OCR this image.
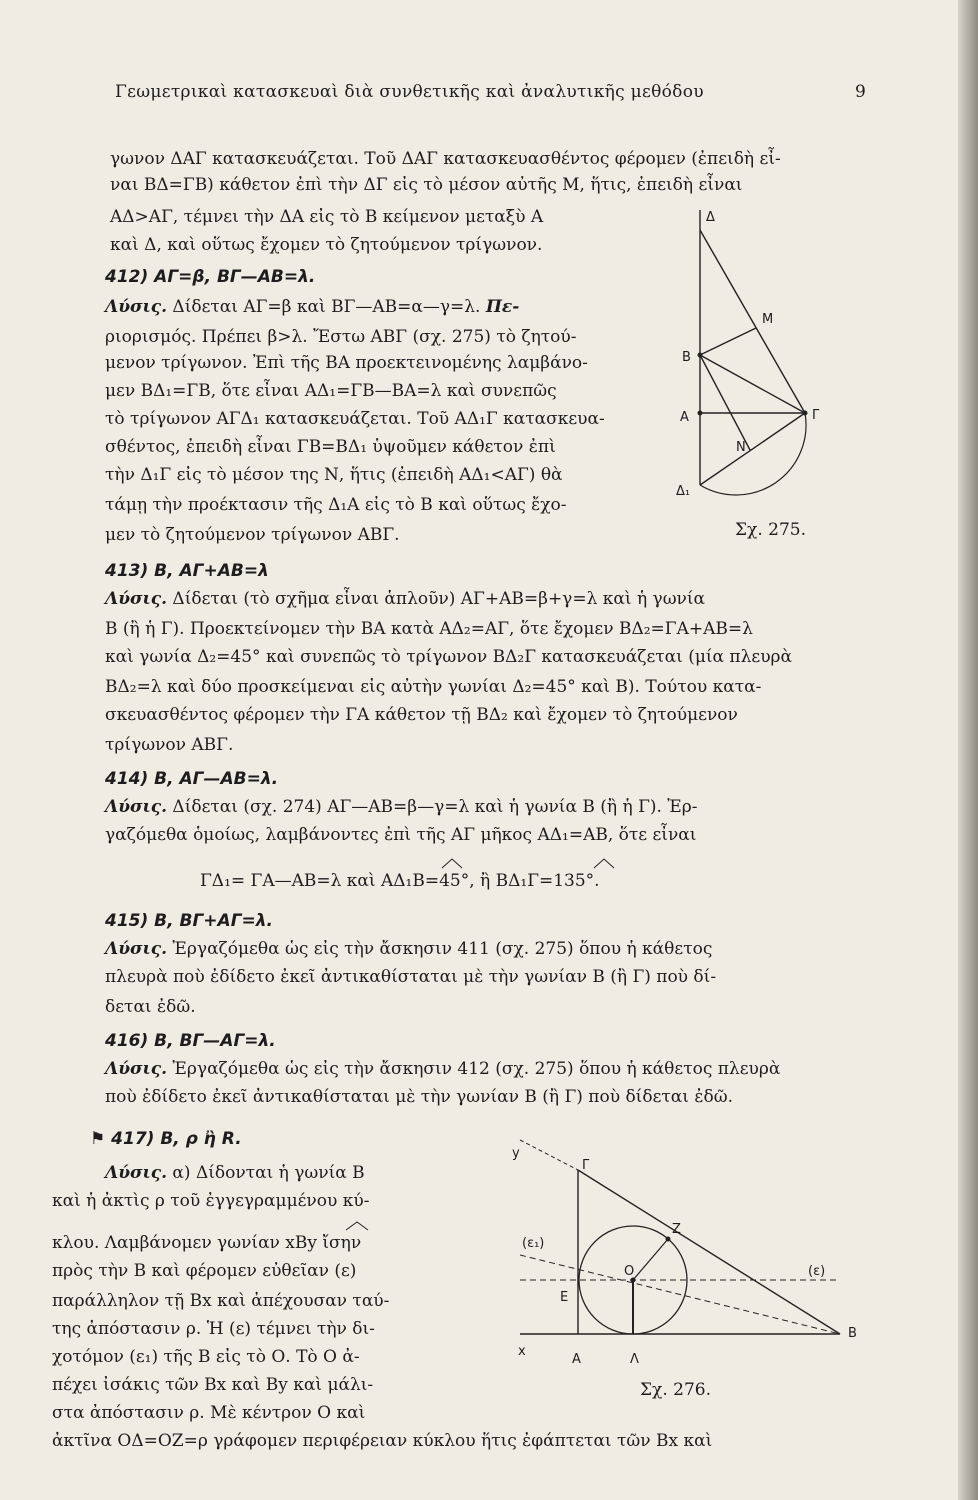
Γεωμετρικαὶ κατασκευαὶ διὰ συνθετικῆς καὶ ἀναλυτικῆς μεθόδου	9
γωνον ΔΑΓ κατασκευάζεται. Τοῦ ΔΑΓ κατασκευασθέντος φέρομεν (ἐπειδὴ εἶ-
ναι ΒΔ=ΓΒ) κάθετον ἐπὶ τὴν ΔΓ εἰς τὸ μέσον αὐτῆς Μ, ἥτις, ἐπειδὴ εἶναι
ΑΔ>ΑΓ, τέμνει τὴν ΔΑ εἰς τὸ Β κείμενον μεταξὺ Α
καὶ Δ, καὶ οὕτως ἔχομεν τὸ ζητούμενον τρίγωνον.
412) ΑΓ=β, ΒΓ—ΑΒ=λ.
Λύσις. Δίδεται ΑΓ=β καὶ ΒΓ—ΑΒ=α—γ=λ. Πε-
ριορισμός. Πρέπει β>λ. Ἔστω ΑΒΓ (σχ. 275) τὸ ζητού-
μενον τρίγωνον. Ἐπὶ τῆς ΒΑ προεκτεινομένης λαμβάνο-
μεν ΒΔ₁=ΓΒ, ὅτε εἶναι ΑΔ₁=ΓΒ—ΒΑ=λ καὶ συνεπῶς
τὸ τρίγωνον ΑΓΔ₁ κατασκευάζεται. Τοῦ ΑΔ₁Γ κατασκευα-
σθέντος, ἐπειδὴ εἶναι ΓΒ=ΒΔ₁ ὑψοῦμεν κάθετον ἐπὶ
τὴν Δ₁Γ εἰς τὸ μέσον της Ν, ἥτις (ἐπειδὴ ΑΔ₁<ΑΓ) θὰ
τάμῃ τὴν προέκτασιν τῆς Δ₁Α εἰς τὸ Β καὶ οὕτως ἔχο-
μεν τὸ ζητούμενον τρίγωνον ΑΒΓ.
Δ
Μ
Β
Α	Γ
Ν
Δ₁
Σχ. 275.
413) Β, ΑΓ+ΑΒ=λ
Λύσις. Δίδεται (τὸ σχῆμα εἶναι ἁπλοῦν) ΑΓ+ΑΒ=β+γ=λ καὶ ἡ γωνία
Β (ἢ ἡ Γ). Προεκτείνομεν τὴν ΒΑ κατὰ ΑΔ₂=ΑΓ, ὅτε ἔχομεν ΒΔ₂=ΓΑ+ΑΒ=λ
καὶ γωνία Δ₂=45° καὶ συνεπῶς τὸ τρίγωνον ΒΔ₂Γ κατασκευάζεται (μία πλευρὰ
ΒΔ₂=λ καὶ δύο προσκείμεναι εἰς αὐτὴν γωνίαι Δ₂=45° καὶ Β). Τούτου κατα-
σκευασθέντος φέρομεν τὴν ΓΑ κάθετον τῇ ΒΔ₂ καὶ ἔχομεν τὸ ζητούμενον
τρίγωνον ΑΒΓ.
414) Β, ΑΓ—ΑΒ=λ.
Λύσις. Δίδεται (σχ. 274) ΑΓ—ΑΒ=β—γ=λ καὶ ἡ γωνία Β (ἢ ἡ Γ). Ἐρ-
γαζόμεθα ὁμοίως, λαμβάνοντες ἐπὶ τῆς ΑΓ μῆκος ΑΔ₁=ΑΒ, ὅτε εἶναι
ΓΔ₁= ΓΑ—ΑΒ=λ καὶ ΑΔ₁Β=45°, ἢ ΒΔ₁Γ=135°.
415) Β, ΒΓ+ΑΓ=λ.
Λύσις. Ἐργαζόμεθα ὡς εἰς τὴν ἄσκησιν 411 (σχ. 275) ὅπου ἡ κάθετος
πλευρὰ ποὺ ἐδίδετο ἐκεῖ ἀντικαθίσταται μὲ τὴν γωνίαν Β (ἢ Γ) ποὺ δί-
δεται ἐδῶ.
416) Β, ΒΓ—ΑΓ=λ.
Λύσις. Ἐργαζόμεθα ὡς εἰς τὴν ἄσκησιν 412 (σχ. 275) ὅπου ἡ κάθετος πλευρὰ
ποὺ ἐδίδετο ἐκεῖ ἀντικαθίσταται μὲ τὴν γωνίαν Β (ἢ Γ) ποὺ δίδεται ἐδῶ.
⚑ 417) Β, ρ ἢ R.
Λύσις. α) Δίδονται ἡ γωνία Β
καὶ ἡ ἀκτὶς ρ τοῦ ἐγγεγραμμένου κύ-
κλου. Λαμβάνομεν γωνίαν xBy ἴσην
πρὸς τὴν Β καὶ φέρομεν εὐθεῖαν (ε)
παράλληλον τῇ Βx καὶ ἀπέχουσαν ταύ-
της ἀπόστασιν ρ. Ἡ (ε) τέμνει τὴν δι-
χοτόμον (ε₁) τῆς Β εἰς τὸ Ο. Τὸ Ο ἀ-
πέχει ἰσάκις τῶν Βx καὶ Βy καὶ μάλι-
στα ἀπόστασιν ρ. Μὲ κέντρον Ο καὶ
ἀκτῖνα ΟΔ=ΟΖ=ρ γράφομεν περιφέρειαν κύκλου ἥτις ἐφάπτεται τῶν Βx καὶ
y
Γ
Ζ
(ε₁)
Ο	(ε)
Ε
Β
x
Α	Λ
Σχ. 276.
